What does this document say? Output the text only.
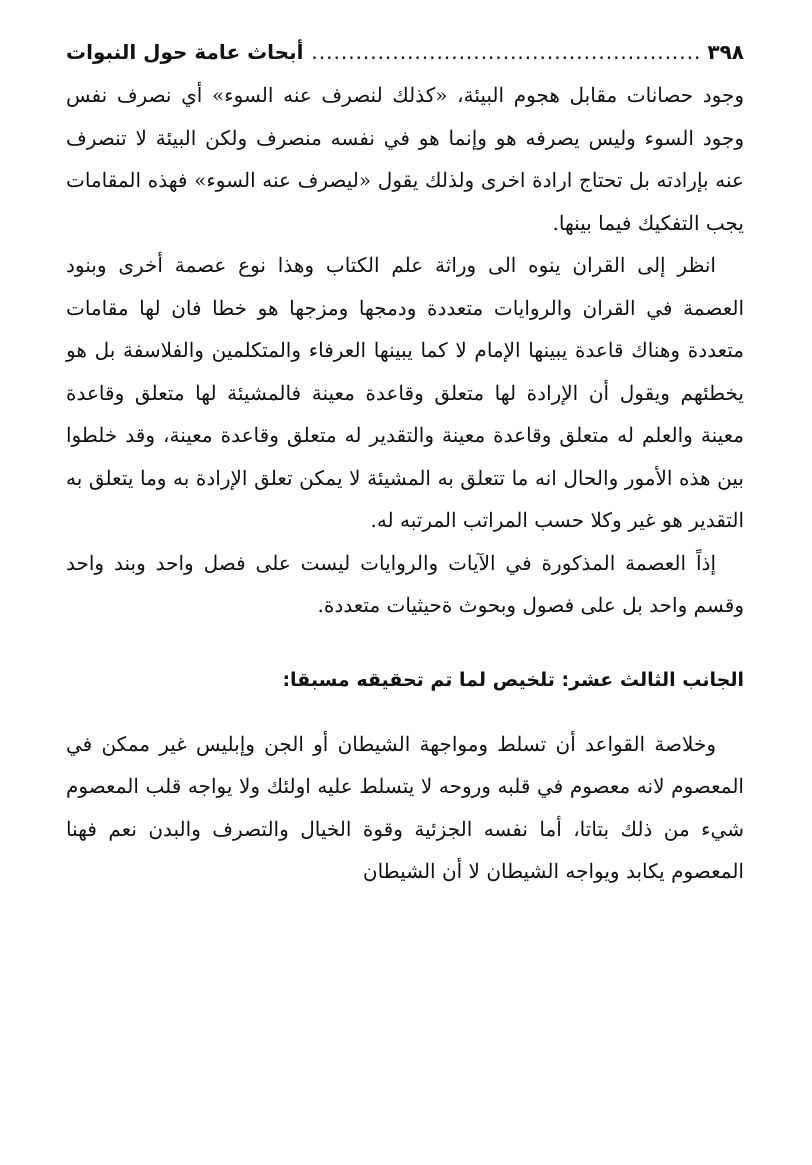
٣٩٨
.....
أبحاث عامة حول النبوات

وجود حصانات مقابل هجوم البيئة، «كذلك لنصرف عنه السوء» أي نصرف نفس وجود السوء وليس يصرفه هو وإنما هو في نفسه منصرف ولكن البيئة لا تنصرف عنه بإرادته بل تحتاج ارادة اخرى ولذلك يقول «ليصرف عنه السوء» فهذه المقامات يجب التفكيك فيما بينها.

انظر إلى القران ينوه الى وراثة علم الكتاب وهذا نوع عصمة أخرى وبنود العصمة في القران والروايات متعددة ودمجها ومزجها هو خطا فان لها مقامات متعددة وهناك قاعدة يبينها الإمام لا كما يبينها العرفاء والمتكلمين والفلاسفة بل هو يخطئهم ويقول أن الإرادة لها متعلق وقاعدة معينة فالمشيئة لها متعلق وقاعدة معينة والعلم له متعلق وقاعدة معينة والتقدير له متعلق وقاعدة معينة، وقد خلطوا بين هذه الأمور والحال انه ما تتعلق به المشيئة لا يمكن تعلق الإرادة به وما يتعلق به التقدير هو غير وكلا حسب المراتب المرتبه له.

إذاً العصمة المذكورة في الآيات والروايات ليست على فصل واحد وبند واحد وقسم واحد بل على فصول وبحوث ةحيثيات متعددة.

الجانب الثالث عشر: تلخيص لما تم تحقيقه مسبقا:

وخلاصة القواعد أن تسلط ومواجهة الشيطان أو الجن وإبليس غير ممكن في المعصوم لانه معصوم في قلبه وروحه لا يتسلط عليه اولئك ولا يواجه قلب المعصوم شيء من ذلك بتاتا، أما نفسه الجزئية وقوة الخيال والتصرف والبدن نعم فهنا المعصوم يكابد ويواجه الشيطان لا أن الشيطان
